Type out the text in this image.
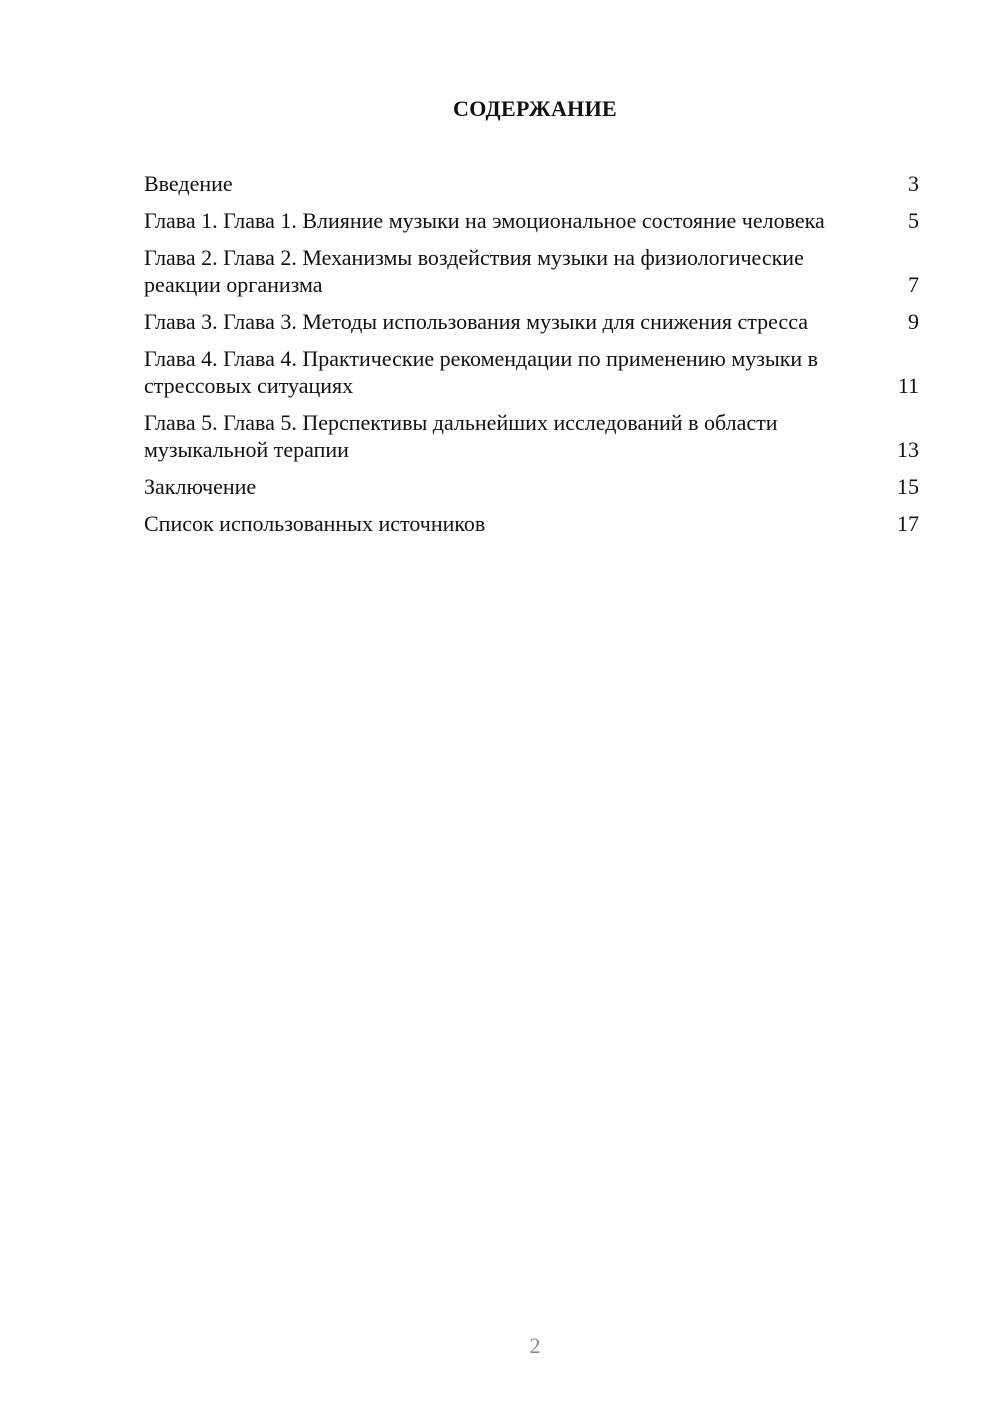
СОДЕРЖАНИЕ
Введение	3
Глава 1. Глава 1. Влияние музыки на эмоциональное состояние человека	5
Глава 2. Глава 2. Механизмы воздействия музыки на физиологические реакции организма	7
Глава 3. Глава 3. Методы использования музыки для снижения стресса	9
Глава 4. Глава 4. Практические рекомендации по применению музыки в стрессовых ситуациях	11
Глава 5. Глава 5. Перспективы дальнейших исследований в области музыкальной терапии	13
Заключение	15
Список использованных источников	17
2
